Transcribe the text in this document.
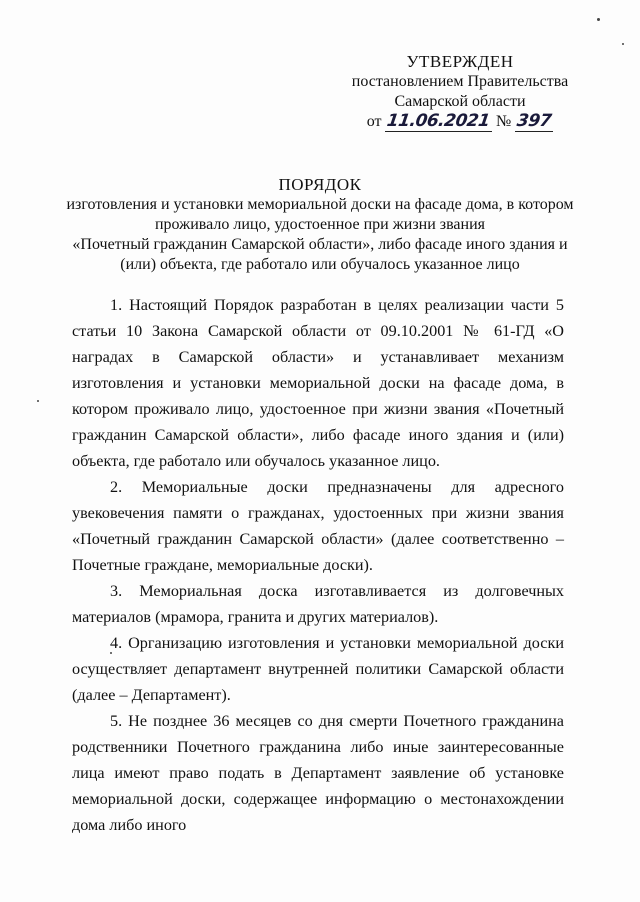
УТВЕРЖДЕН
постановлением Правительства
Самарской области
от 11.06.2021 № 397
ПОРЯДОК
изготовления и установки мемориальной доски на фасаде дома, в котором
проживало лицо, удостоенное при жизни звания
«Почетный гражданин Самарской области», либо фасаде иного здания и
(или) объекта, где работало или обучалось указанное лицо

1. Настоящий Порядок разработан в целях реализации части 5 статьи 10 Закона Самарской области от 09.10.2001 № 61-ГД «О наградах в Самарской области» и устанавливает механизм изготовления и установки мемориальной доски на фасаде дома, в котором проживало лицо, удостоенное при жизни звания «Почетный гражданин Самарской области», либо фасаде иного здания и (или) объекта, где работало или обучалось указанное лицо.

2. Мемориальные доски предназначены для адресного увековечения памяти о гражданах, удостоенных при жизни звания «Почетный гражданин Самарской области» (далее соответственно – Почетные граждане, мемориальные доски).

3. Мемориальная доска изготавливается из долговечных материалов (мрамора, гранита и других материалов).

4. Организацию изготовления и установки мемориальной доски осуществляет департамент внутренней политики Самарской области (далее – Департамент).

5. Не позднее 36 месяцев со дня смерти Почетного гражданина родственники Почетного гражданина либо иные заинтересованные лица имеют право подать в Департамент заявление об установке мемориальной доски, содержащее информацию о местонахождении дома либо иного
